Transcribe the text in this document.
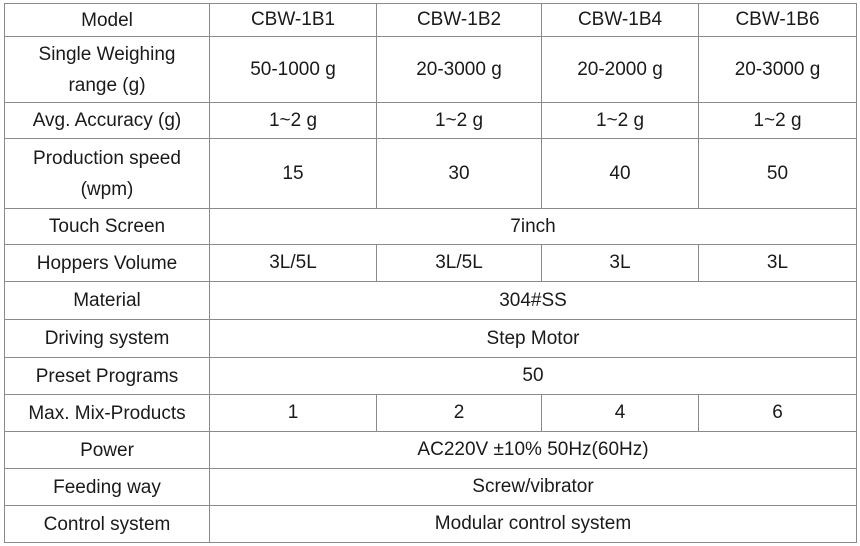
Model	CBW-1B1	CBW-1B2	CBW-1B4	CBW-1B6

Single Weighing
range (g)	50-1000 g	20-3000 g	20-2000 g	20-3000 g
Avg. Accuracy (g)	1~2 g	1~2 g	1~2 g	1~2 g

Production speed
(wpm)	15	30	40	50
Touch Screen	7inch			
Hoppers Volume	3L/5L	3L/5L	3L	3L
Material	304#SS			
Driving system	Step Motor			
Preset Programs	50			
Max. Mix-Products	1	2	4	6
Power	AC220V ±10% 50Hz(60Hz)			
Feeding way	Screw/vibrator			
Control system	Modular control system			
